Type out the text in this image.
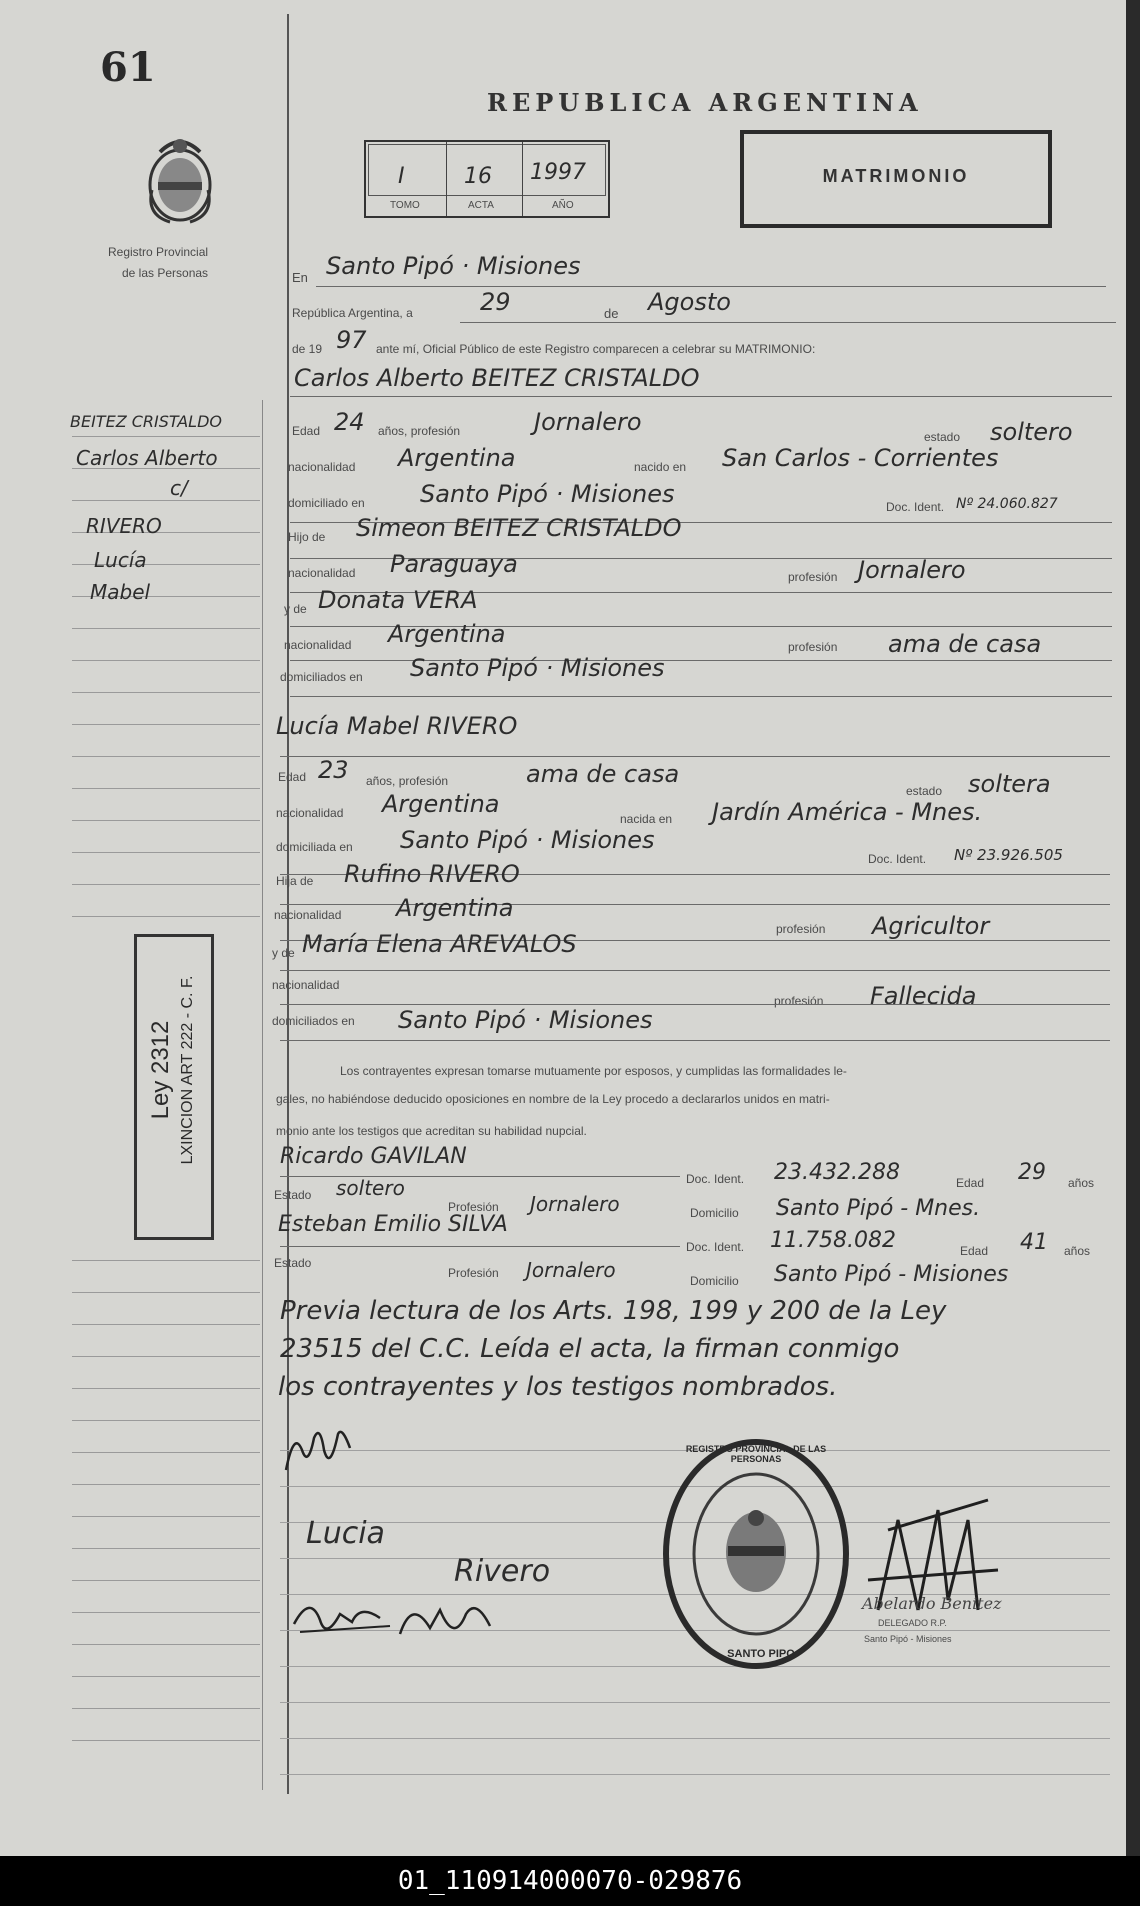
61
Registro Provincial
de las Personas
REPUBLICA ARGENTINA
I
TOMO
16
ACTA
1997
AÑO
MATRIMONIO
BEITEZ CRISTALDO
Carlos Alberto
c/
RIVERO
Lucía
Mabel
Ley 2312 LXINCION ART 222 - C. F.
En Santo Pipó · Misiones
República Argentina, a	29	de Agosto
de 19 97 ante mí, Oficial Público de este Registro comparecen a celebrar su MATRIMONIO:
Carlos Alberto BEITEZ CRISTALDO
Edad 24 años, profesión	Jornalero
estado soltero
nacionalidad Argentina	nacido en San Carlos - Corrientes
domiciliado en Santo Pipó · Misiones	Doc. Ident. Nº 24.060.827
Hijo de Simeon BEITEZ CRISTALDO
nacionalidad Paraguaya	profesión Jornalero
y de Donata VERA
nacionalidad Argentina	profesión ama de casa
domiciliados en Santo Pipó · Misiones
Lucía Mabel RIVERO
Edad 23 años, profesión	ama de casa
estado soltera
nacionalidad Argentina
nacida en Jardín América - Mnes.
domiciliada en Santo Pipó · Misiones
Doc. Ident. Nº 23.926.505
Hija de Rufino RIVERO
nacionalidad Argentina
profesión Agricultor
y de María Elena AREVALOS
nacionalidad
profesión Fallecida
domiciliados en Santo Pipó · Misiones
Los contrayentes expresan tomarse mutuamente por esposos, y cumplidas las formalidades le-
gales, no habiéndose deducido oposiciones en nombre de la Ley procedo a declararlos unidos en matri-
monio ante los testigos que acreditan su habilidad nupcial.
Ricardo GAVILAN
Doc. Ident. 23.432.288	Edad 29 años
Estado soltero
Profesión Jornalero	Domicilio Santo Pipó - Mnes.
Esteban Emilio SILVA
Doc. Ident. 11.758.082	Edad 41 años
Estado
Profesión Jornalero	Domicilio Santo Pipó - Misiones
Previa lectura de los Arts. 198, 199 y 200 de la Ley
23515 del C.C. Leída el acta, la firman conmigo
los contrayentes y los testigos nombrados.
Lucia
Rivero
REGISTRO PROVINCIAL DE LAS PERSONAS
SANTO PIPO
Abelardo Benitez
DELEGADO R.P.
Santo Pipó - Misiones
01_110914000070-029876
